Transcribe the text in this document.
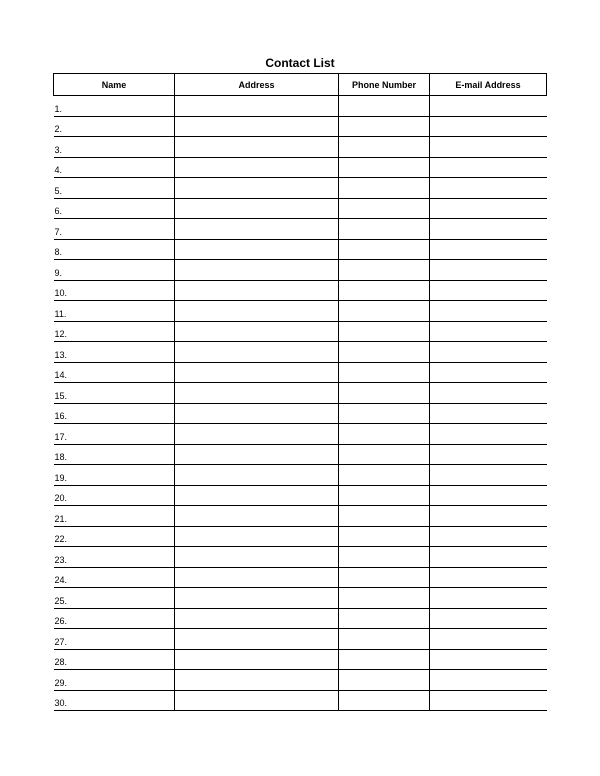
Contact List
Name	Address	Phone Number	E-mail Address
1.			
2.			
3.			
4.			
5.			
6.			
7.			
8.			
9.			
10.			
11.			
12.			
13.			
14.			
15.			
16.			
17.			
18.			
19.			
20.			
21.			
22.			
23.			
24.			
25.			
26.			
27.			
28.			
29.			
30.			
